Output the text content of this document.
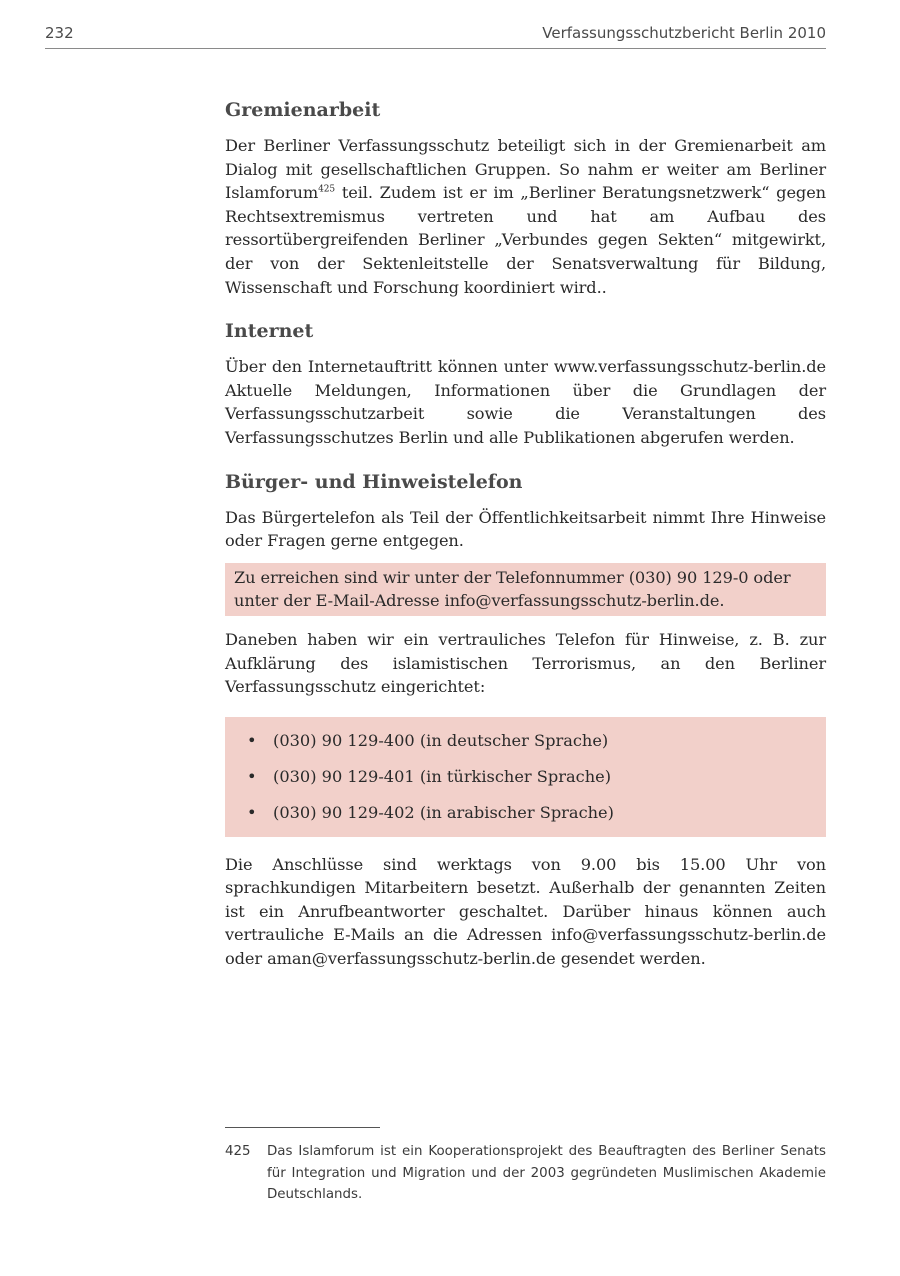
232	Verfassungsschutzbericht Berlin 2010
Gremienarbeit

Der Berliner Verfassungsschutz beteiligt sich in der Gremienarbeit am Dialog mit gesellschaftlichen Gruppen. So nahm er weiter am Berliner Islamforum$^{425}$ teil. Zudem ist er im „Berliner Beratungsnetzwerk“ gegen Rechtsextremismus vertreten und hat am Aufbau des ressortübergreifenden Berliner „Verbundes gegen Sekten“ mitgewirkt, der von der Sektenleitstelle der Senatsverwaltung für Bildung, Wissenschaft und Forschung koordiniert wird..

Internet

Über den Internetauftritt können unter www.verfassungsschutz-berlin.de Aktuelle Meldungen, Informationen über die Grundlagen der Verfassungsschutzarbeit sowie die Veranstaltungen des Verfassungsschutzes Berlin und alle Publikationen abgerufen werden.

Bürger- und Hinweistelefon

Das Bürgertelefon als Teil der Öffentlichkeitsarbeit nimmt Ihre Hinweise oder Fragen gerne entgegen.

Zu erreichen sind wir unter der Telefonnummer (030) 90 129-0 oder unter der E-Mail-Adresse info@verfassungsschutz-berlin.de.

Daneben haben wir ein vertrauliches Telefon für Hinweise, z. B. zur Aufklärung des islamistischen Terrorismus, an den Berliner Verfassungsschutz eingerichtet:

• (030) 90 129-400 (in deutscher Sprache)
• (030) 90 129-401 (in türkischer Sprache)
• (030) 90 129-402 (in arabischer Sprache)

Die Anschlüsse sind werktags von 9.00 bis 15.00 Uhr von sprachkundigen Mitarbeitern besetzt. Außerhalb der genannten Zeiten ist ein Anrufbeantworter geschaltet. Darüber hinaus können auch vertrauliche E-Mails an die Adressen info@verfassungsschutz-berlin.de oder aman@verfassungsschutz-berlin.de gesendet werden.

425 Das Islamforum ist ein Kooperationsprojekt des Beauftragten des Berliner Senats für Integration und Migration und der 2003 gegründeten Muslimischen Akademie Deutschlands.
